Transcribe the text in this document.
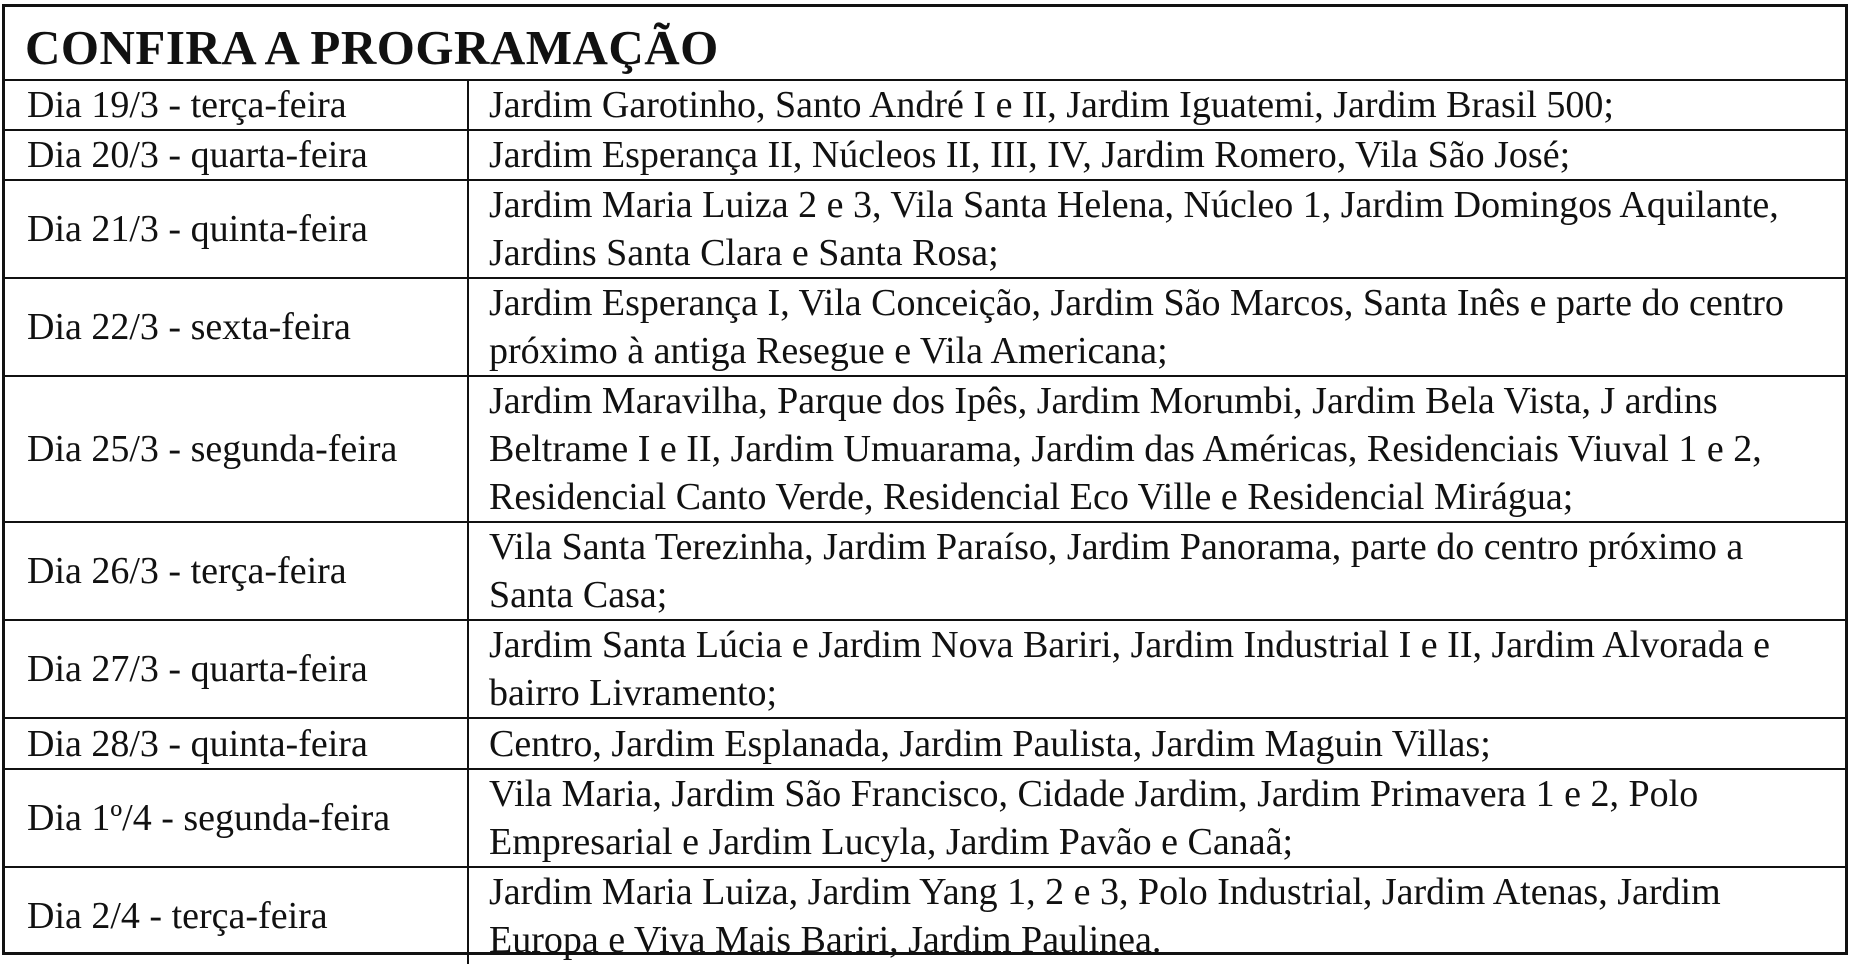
CONFIRA A PROGRAMAÇÃO
Dia 19/3 - terça-feira	Jardim Garotinho, Santo André I e II, Jardim Iguatemi, Jardim Brasil 500;
Dia 20/3 - quarta-feira	Jardim Esperança II, Núcleos II, III, IV, Jardim Romero, Vila São José;
Dia 21/3 - quinta-feira	Jardim Maria Luiza 2 e 3, Vila Santa Helena, Núcleo 1, Jardim Domingos Aquilante, Jardins Santa Clara e Santa Rosa;
Dia 22/3 - sexta-feira	Jardim Esperança I, Vila Conceição, Jardim São Marcos, Santa Inês e parte do centro próximo à antiga Resegue e Vila Americana;
Dia 25/3 - segunda-feira	Jardim Maravilha, Parque dos Ipês, Jardim Morumbi, Jardim Bela Vista, J ardins Beltrame I e II, Jardim Umuarama, Jardim das Américas, Residenciais Viuval 1 e 2, Residencial Canto Verde, Residencial Eco Ville e Residencial Mirágua;
Dia 26/3 - terça-feira	Vila Santa Terezinha, Jardim Paraíso, Jardim Panorama, parte do centro próximo a Santa Casa;
Dia 27/3 - quarta-feira	Jardim Santa Lúcia e Jardim Nova Bariri, Jardim Industrial I e II, Jardim Alvorada e bairro Livramento;
Dia 28/3 - quinta-feira	Centro, Jardim Esplanada, Jardim Paulista, Jardim Maguin Villas;
Dia 1º/4 - segunda-feira	Vila Maria, Jardim São Francisco, Cidade Jardim, Jardim Primavera 1 e 2, Polo Empresarial e Jardim Lucyla, Jardim Pavão e Canaã;
Dia 2/4 - terça-feira	Jardim Maria Luiza, Jardim Yang 1, 2 e 3, Polo Industrial, Jardim Atenas, Jardim Europa e Viva Mais Bariri, Jardim Paulinea.
